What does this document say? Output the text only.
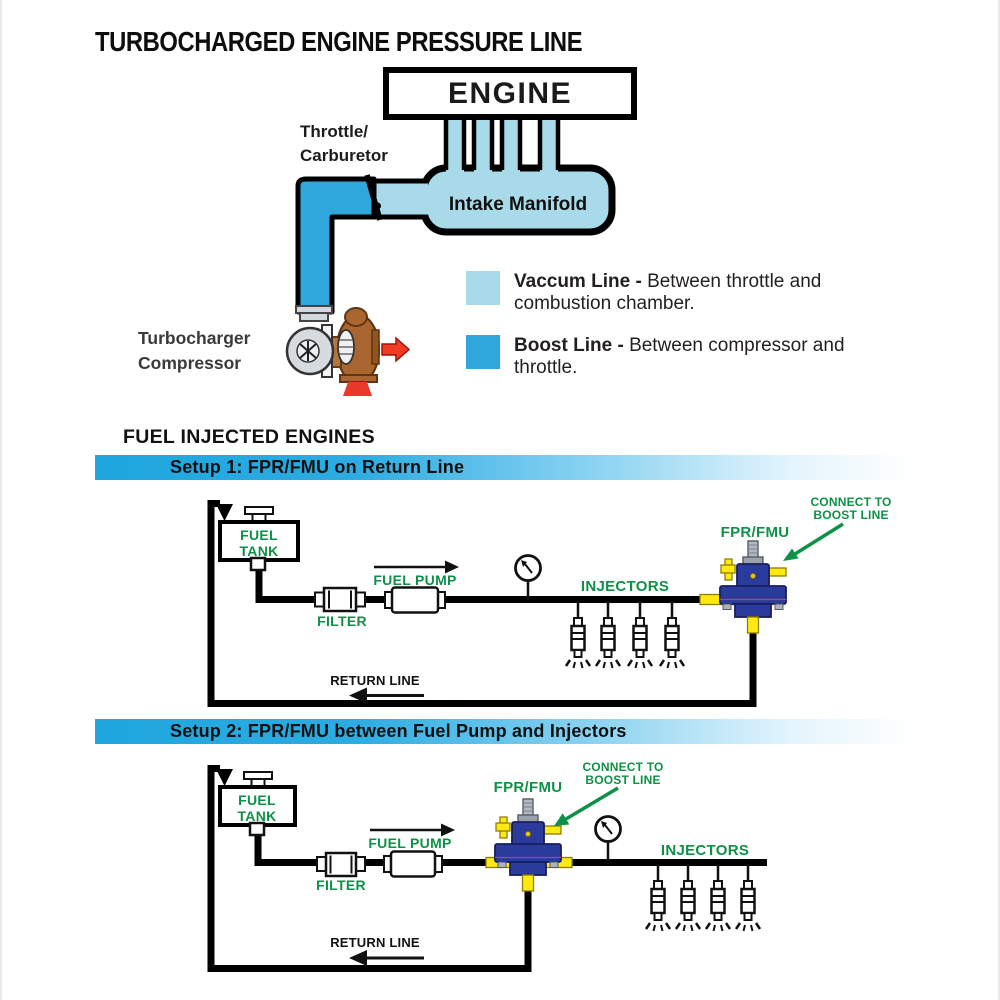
TURBOCHARGED ENGINE PRESSURE LINE
ENGINE
Intake Manifold
FUEL
TANK
FILTER
FUEL PUMP	INJECTORS
FPR/FMU
CONNECT TO
BOOST LINE
RETURN LINE
FUEL
TANK
FILTER
FUEL PUMP
FPR/FMU
CONNECT TO
BOOST LINE
INJECTORS
RETURN LINE
Throttle/
Carburetor
Turbocharger
Compressor
Vaccum Line - Between throttle and combustion chamber.
Boost Line - Between compressor and throttle.
FUEL INJECTED ENGINES
Setup 1: FPR/FMU on Return Line
Setup 2: FPR/FMU between Fuel Pump and Injectors
